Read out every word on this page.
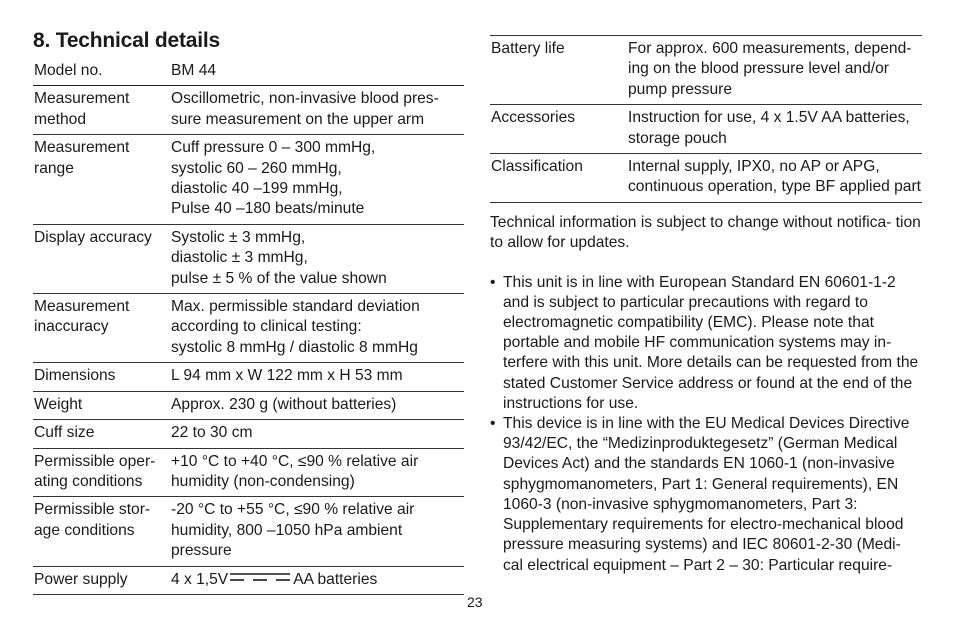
8. Technical details
Model no.	BM 44
Measurement method	Oscillometric, non-invasive blood pres- sure measurement on the upper arm
Measurement range	Cuff pressure 0 – 300 mmHg,
systolic 60 – 260 mmHg,
diastolic 40 –199 mmHg,
Pulse 40 –180 beats/minute

Display accuracy	Systolic ± 3 mmHg,
diastolic ± 3 mmHg,
pulse ± 5 % of the value shown

Measurement inaccuracy	Max. permissible standard deviation
according to clinical testing:
systolic 8 mmHg / diastolic 8 mmHg

Dimensions	L 94 mm x W 122 mm x H 53 mm
Weight	Approx. 230 g (without batteries)
Cuff size	22 to 30 cm
Permissible oper- ating conditions	+10 °C to +40 °C, ≤90 % relative air humidity (non-condensing)
Permissible stor- age conditions	-20 °C to +55 °C, ≤90 % relative air
humidity, 800 –1050 hPa ambient pressure

Power supply	4 x 1,5V AA batteries
Battery life	For approx. 600 measurements, depend- ing on the blood pressure level and/or pump pressure
Accessories	Instruction for use, 4 x 1.5V AA batteries, storage pouch
Classification	Internal supply, IPX0, no AP or APG, continuous operation, type BF applied part

Technical information is subject to change without notifica- tion to allow for updates.

• This unit is in line with European Standard EN 60601-1-2 and is subject to particular precautions with regard to electromagnetic compatibility (EMC). Please note that portable and mobile HF communication systems may in- terfere with this unit. More details can be requested from the stated Customer Service address or found at the end of the instructions for use.
• This device is in line with the EU Medical Devices Directive 93/42/EC, the “Medizinproduktegesetz” (German Medical Devices Act) and the standards EN 1060-1 (non-invasive sphygmomanometers, Part 1: General requirements), EN 1060-3 (non-invasive sphygmomanometers, Part 3: Supplementary requirements for electro-mechanical blood pressure measuring systems) and IEC 80601-2-30 (Medi- cal electrical equipment – Part 2 – 30: Particular require-
23
